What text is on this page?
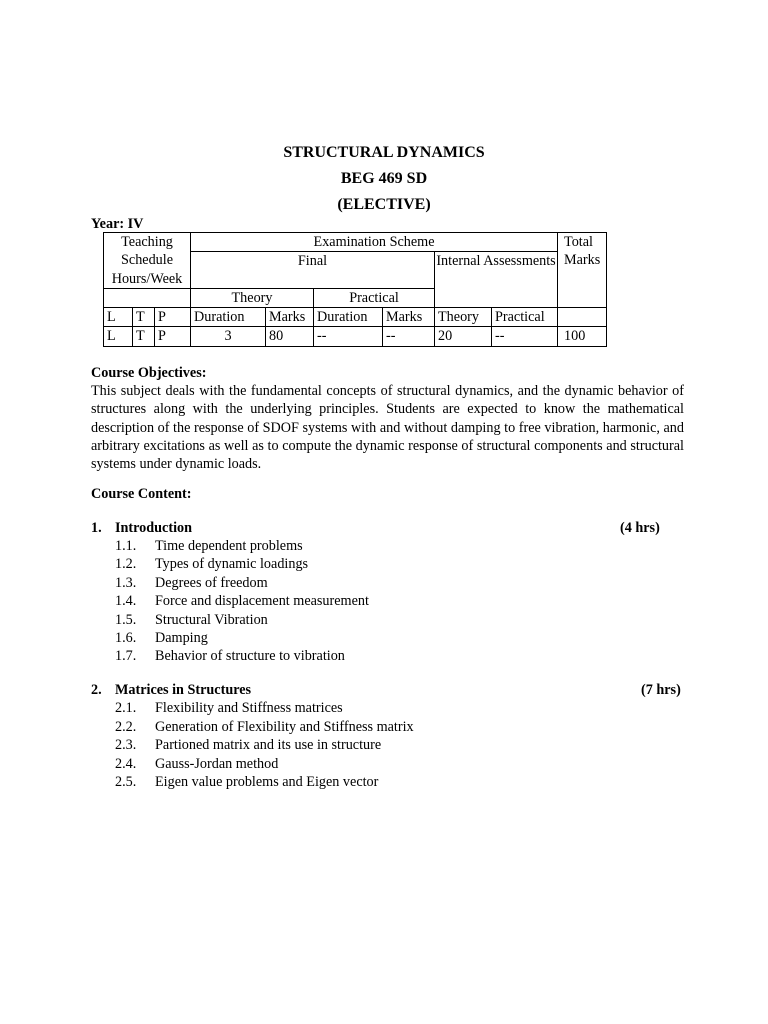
STRUCTURAL DYNAMICS
BEG 469 SD
(ELECTIVE)
Year: IV
Teaching Schedule Hours/Week			Examination Scheme						Total Marks
			Final				Internal Assessments		
			Theory		Practical				
L	T	P	Duration	Marks	Duration	Marks	Theory	Practical	
L	T	P	3	80	--	--	20	--	100
Course Objectives:
This subject deals with the fundamental concepts of structural dynamics, and the dynamic behavior of structures along with the underlying principles. Students are expected to know the mathematical description of the response of SDOF systems with and without damping to free vibration, harmonic, and arbitrary excitations as well as to compute the dynamic response of structural components and structural systems under dynamic loads.
Course Content:
1. Introduction	(4 hrs)
1.1. Time dependent problems
1.2. Types of dynamic loadings
1.3. Degrees of freedom
1.4. Force and displacement measurement
1.5. Structural Vibration
1.6. Damping
1.7. Behavior of structure to vibration
2. Matrices in Structures	(7 hrs)
2.1. Flexibility and Stiffness matrices
2.2. Generation of Flexibility and Stiffness matrix
2.3. Partioned matrix and its use in structure
2.4. Gauss-Jordan method
2.5. Eigen value problems and Eigen vector
